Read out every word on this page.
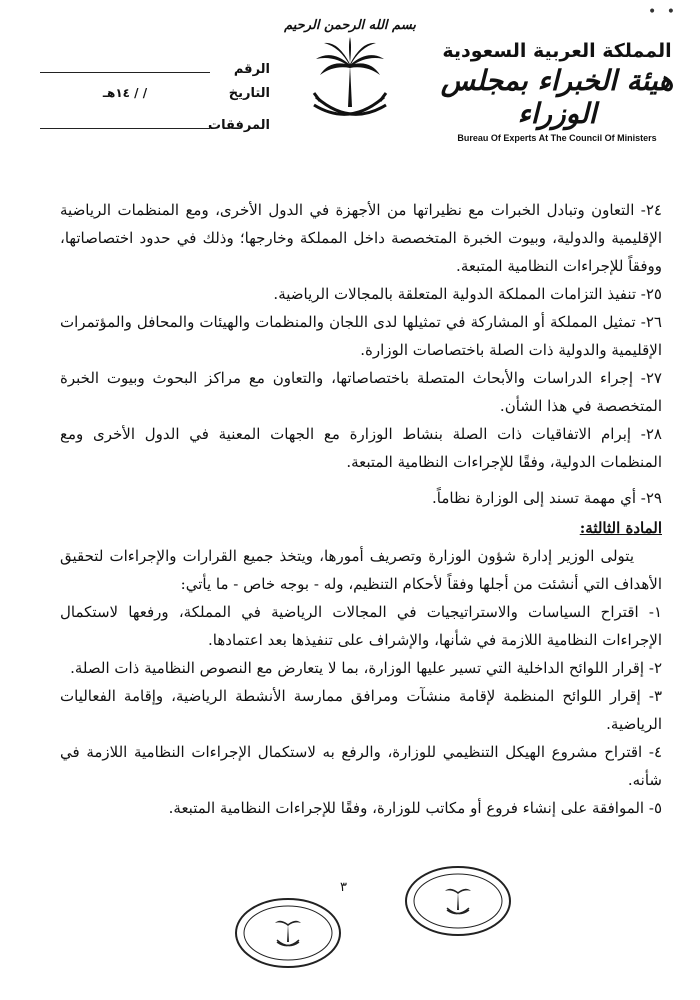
• •
المملكة العربية السعودية
هيئة الخبراء بمجلس الوزراء
Bureau Of Experts At The Council Of Ministers
بسم الله الرحمن الرحيم
الرقم
التاريخ
/ / ١٤هـ
المرفقات

٢٤- التعاون وتبادل الخبرات مع نظيراتها من الأجهزة في الدول الأخرى، ومع المنظمات الرياضية الإقليمية والدولية، وبيوت الخبرة المتخصصة داخل المملكة وخارجها؛ وذلك في حدود اختصاصاتها، ووفقاً للإجراءات النظامية المتبعة.

٢٥- تنفيذ التزامات المملكة الدولية المتعلقة بالمجالات الرياضية.

٢٦- تمثيل المملكة أو المشاركة في تمثيلها لدى اللجان والمنظمات والهيئات والمحافل والمؤتمرات الإقليمية والدولية ذات الصلة باختصاصات الوزارة.

٢٧- إجراء الدراسات والأبحاث المتصلة باختصاصاتها، والتعاون مع مراكز البحوث وبيوت الخبرة المتخصصة في هذا الشأن.

٢٨- إبرام الاتفاقيات ذات الصلة بنشاط الوزارة مع الجهات المعنية في الدول الأخرى ومع المنظمات الدولية، وفقًا للإجراءات النظامية المتبعة.

٢٩- أي مهمة تسند إلى الوزارة نظاماً.

المادة الثالثة:

يتولى الوزير إدارة شؤون الوزارة وتصريف أمورها، ويتخذ جميع القرارات والإجراءات لتحقيق الأهداف التي أنشئت من أجلها وفقاً لأحكام التنظيم، وله - بوجه خاص - ما يأتي:

١- اقتراح السياسات والاستراتيجيات في المجالات الرياضية في المملكة، ورفعها لاستكمال الإجراءات النظامية اللازمة في شأنها، والإشراف على تنفيذها بعد اعتمادها.

٢- إقرار اللوائح الداخلية التي تسير عليها الوزارة، بما لا يتعارض مع النصوص النظامية ذات الصلة.

٣- إقرار اللوائح المنظمة لإقامة منشآت ومرافق ممارسة الأنشطة الرياضية، وإقامة الفعاليات الرياضية.

٤- اقتراح مشروع الهيكل التنظيمي للوزارة، والرفع به لاستكمال الإجراءات النظامية اللازمة في شأنه.

٥- الموافقة على إنشاء فروع أو مكاتب للوزارة، وفقًا للإجراءات النظامية المتبعة.

٣
